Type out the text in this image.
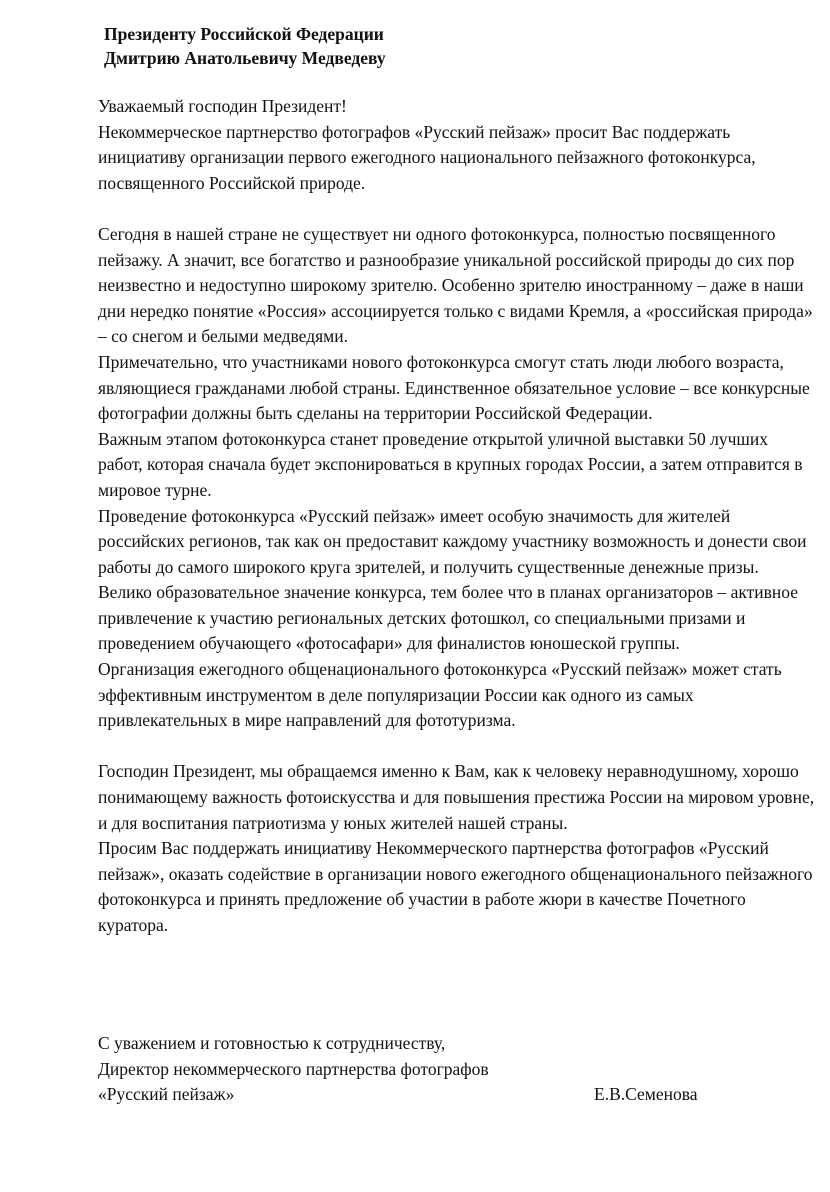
Президенту Российской Федерации
Дмитрию Анатольевичу Медведеву

Уважаемый господин Президент!

Некоммерческое партнерство фотографов «Русский пейзаж» просит Вас поддержать инициативу организации первого ежегодного национального пейзажного фотоконкурса, посвященного Российской природе.

Сегодня в нашей стране не существует ни одного фотоконкурса, полностью посвященного пейзажу. А значит, все богатство и разнообразие уникальной российской природы до сих пор неизвестно и недоступно широкому зрителю. Особенно зрителю иностранному – даже в наши дни нередко понятие «Россия» ассоциируется только с видами Кремля, а «российская природа» – со снегом и белыми медведями.

Примечательно, что участниками нового фотоконкурса смогут стать люди любого возраста, являющиеся гражданами любой страны. Единственное обязательное условие – все конкурсные фотографии должны быть сделаны на территории Российской Федерации.

Важным этапом фотоконкурса станет проведение открытой уличной выставки 50 лучших работ, которая сначала будет экспонироваться в крупных городах России, а затем отправится в мировое турне.

Проведение фотоконкурса «Русский пейзаж» имеет особую значимость для жителей российских регионов, так как он предоставит каждому участнику возможность и донести свои работы до самого широкого круга зрителей, и получить существенные денежные призы.

Велико образовательное значение конкурса, тем более что в планах организаторов – активное привлечение к участию региональных детских фотошкол, со специальными призами и проведением обучающего «фотосафари» для финалистов юношеской группы.

Организация ежегодного общенационального фотоконкурса «Русский пейзаж» может стать эффективным инструментом в деле популяризации России как одного из самых привлекательных в мире направлений для фототуризма.

Господин Президент, мы обращаемся именно к Вам, как к человеку неравнодушному, хорошо понимающему важность фотоискусства и для повышения престижа России на мировом уровне, и для воспитания патриотизма у юных жителей нашей страны.

Просим Вас поддержать инициативу Некоммерческого партнерства фотографов «Русский пейзаж», оказать содействие в организации нового ежегодного общенационального пейзажного фотоконкурса и принять предложение об участии в работе жюри в качестве Почетного куратора.

С уважением и готовностью к сотрудничеству,
Директор некоммерческого партнерства фотографов
«Русский пейзаж»	Е.В.Семенова
